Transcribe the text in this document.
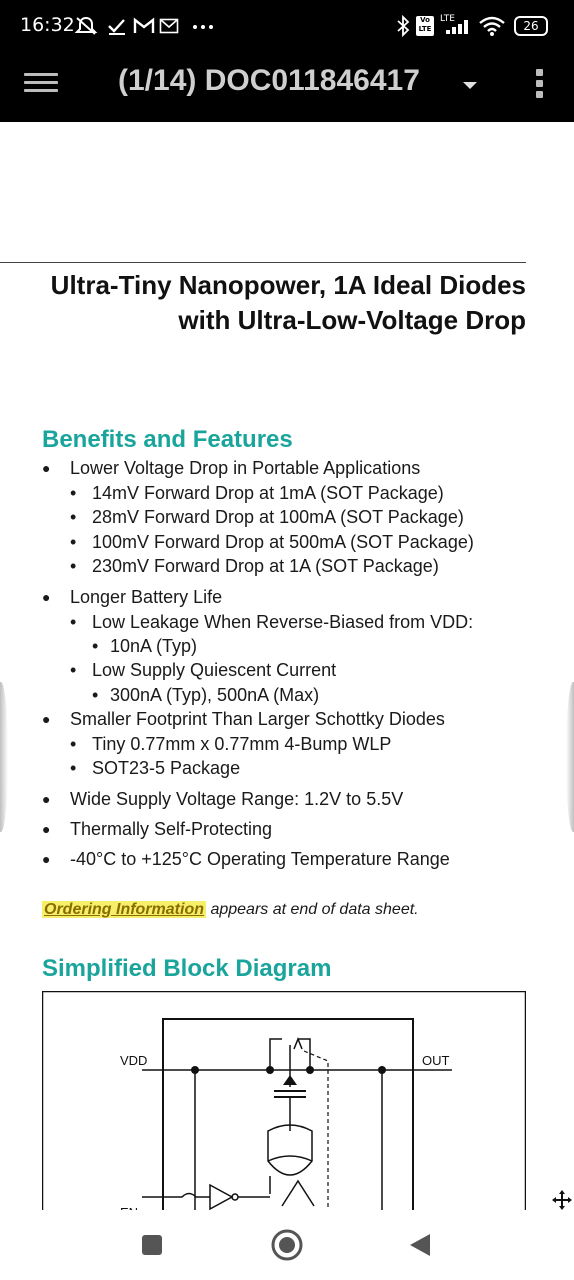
16:32	Vo LTE
LTE	26
(1/14) DOC011846417
Ultra-Tiny Nanopower, 1A Ideal Diodes
with Ultra-Low-Voltage Drop
Benefits and Features
● Lower Voltage Drop in Portable Applications
• 14mV Forward Drop at 1mA (SOT Package)
• 28mV Forward Drop at 100mA (SOT Package)
• 100mV Forward Drop at 500mA (SOT Package)
• 230mV Forward Drop at 1A (SOT Package)
● Longer Battery Life
• Low Leakage When Reverse-Biased from VDD:
• 10nA (Typ)
• Low Supply Quiescent Current
• 300nA (Typ), 500nA (Max)
● Smaller Footprint Than Larger Schottky Diodes
• Tiny 0.77mm x 0.77mm 4-Bump WLP
• SOT23-5 Package
● Wide Supply Voltage Range: 1.2V to 5.5V
● Thermally Self-Protecting
● -40°C to +125°C Operating Temperature Range
Ordering Information appears at end of data sheet.
Simplified Block Diagram
VDD	OUT
